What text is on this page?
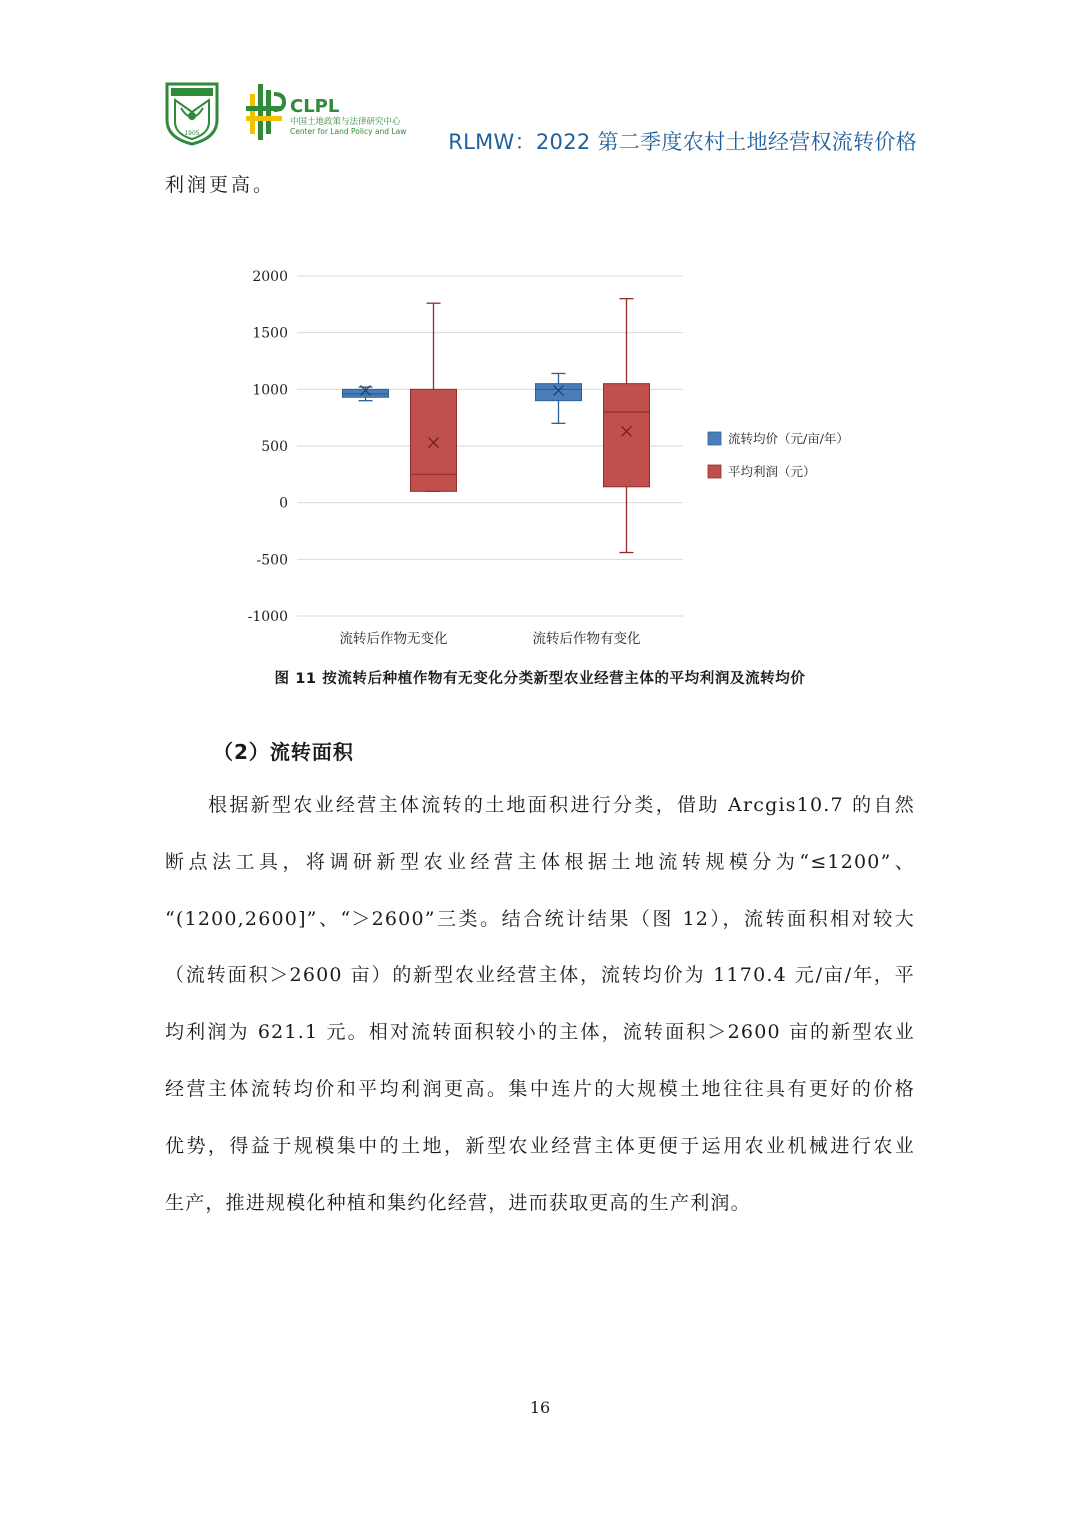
1905
CLPL
中国土地政策与法律研究中心
Center for Land Policy and Law RLMW：2022 第二季度农村土地经营权流转价格
利润更高。
2000
1500
1000
500
0
-500
-1000
流转后作物无变化	流转后作物有变化
流转均价（元/亩/年）
平均利润（元）
图 11 按流转后种植作物有无变化分类新型农业经营主体的平均利润及流转均价
（2）流转面积
根据新型农业经营主体流转的土地面积进行分类，借助 Arcgis10.7 的自然
断点法工具，将调研新型农业经营主体根据土地流转规模分为“≤1200”、
“(1200,2600]”、“＞2600”三类。结合统计结果（图 12），流转面积相对较大
（流转面积＞2600 亩）的新型农业经营主体，流转均价为 1170.4 元/亩/年，平
均利润为 621.1 元。相对流转面积较小的主体，流转面积＞2600 亩的新型农业
经营主体流转均价和平均利润更高。集中连片的大规模土地往往具有更好的价格
优势，得益于规模集中的土地，新型农业经营主体更便于运用农业机械进行农业
生产，推进规模化种植和集约化经营，进而获取更高的生产利润。
16
